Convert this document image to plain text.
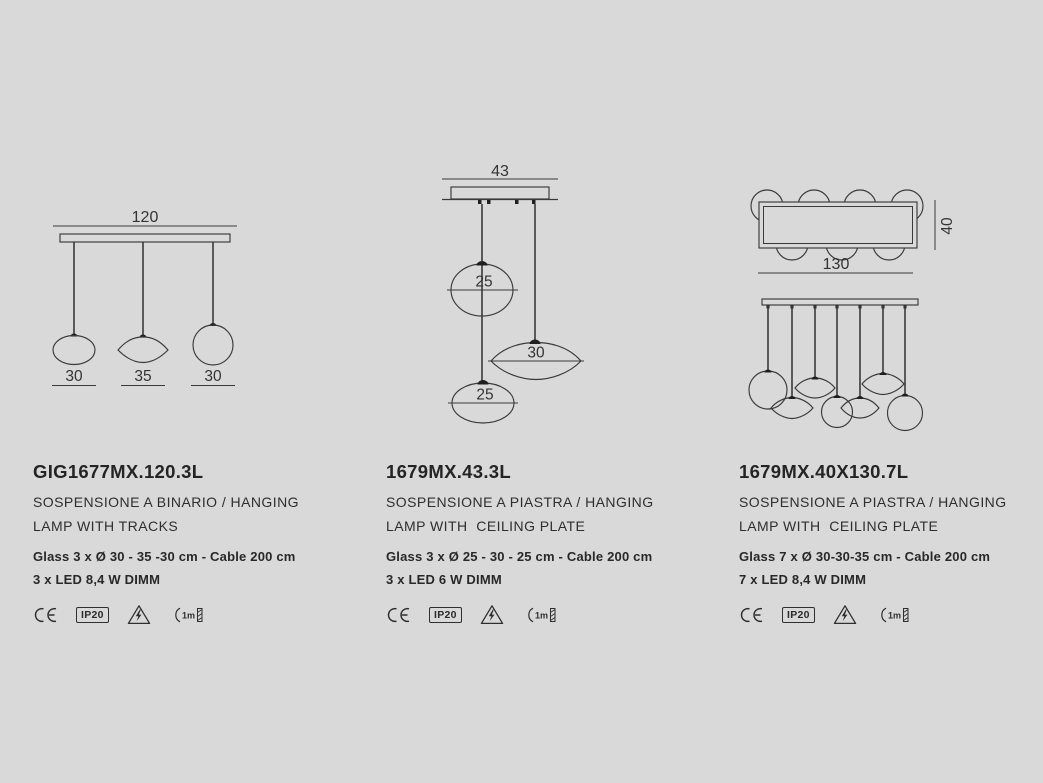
120
30	35	30
43
25
30
25
40
130
GIG1677MX.120.3L
SOSPENSIONE A BINARIO / HANGING
LAMP WITH TRACKS
Glass 3 x Ø 30 - 35 -30 cm - Cable 200 cm
3 x LED 8,4 W DIMM
IP20	1m
1679MX.43.3L
SOSPENSIONE A PIASTRA / HANGING
LAMP WITH  CEILING PLATE
Glass 3 x Ø 25 - 30 - 25 cm - Cable 200 cm
3 x LED 6 W DIMM
IP20	1m
1679MX.40X130.7L
SOSPENSIONE A PIASTRA / HANGING
LAMP WITH  CEILING PLATE
Glass 7 x Ø 30-30-35 cm - Cable 200 cm
7 x LED 8,4 W DIMM
IP20	1m
